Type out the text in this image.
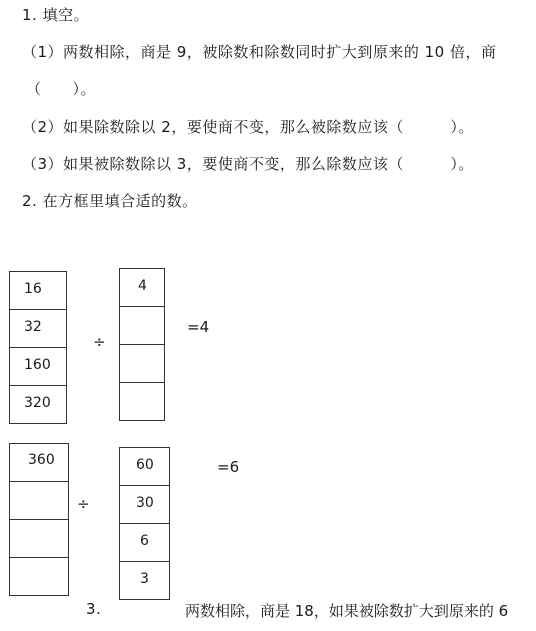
1. 填空。
（1）两数相除，商是 9，被除数和除数同时扩大到原来的 10 倍，商
（　　）。
（2）如果除数除以 2，要使商不变，那么被除数应该（　　　）。
（3）如果被除数除以 3，要使商不变，那么除数应该（　　　）。
2. 在方框里填合适的数。
16
32
160
320
÷
4
=4
360
÷
60
30
6
3
=6
3.	两数相除，商是 18，如果被除数扩大到原来的 6
